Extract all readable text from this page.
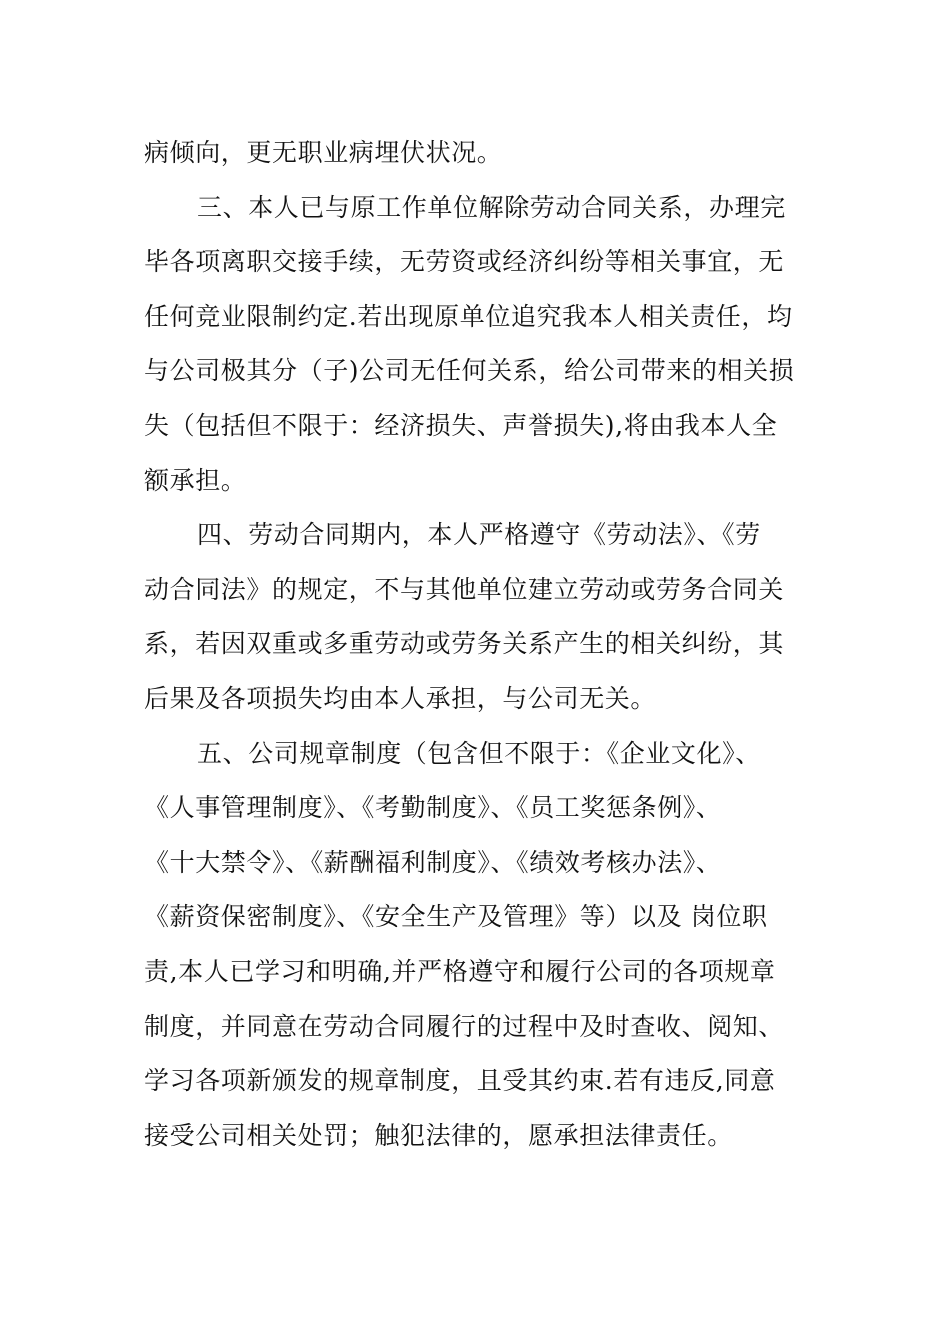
病倾向，更无职业病埋伏状况。
三、本人已与原工作单位解除劳动合同关系，办理完
毕各项离职交接手续，无劳资或经济纠纷等相关事宜，无
任何竞业限制约定.若出现原单位追究我本人相关责任，均
与公司极其分（子)公司无任何关系，给公司带来的相关损
失（包括但不限于：经济损失、声誉损失),将由我本人全
额承担。
四、劳动合同期内，本人严格遵守《劳动法》、《劳
动合同法》的规定，不与其他单位建立劳动或劳务合同关
系，若因双重或多重劳动或劳务关系产生的相关纠纷，其
后果及各项损失均由本人承担，与公司无关。
五、公司规章制度（包含但不限于：《企业文化》、
《人事管理制度》、《考勤制度》、《员工奖惩条例》、
《十大禁令》、《薪酬福利制度》、《绩效考核办法》、
《薪资保密制度》、《安全生产及管理》等）以及 岗位职
责,本人已学习和明确,并严格遵守和履行公司的各项规章
制度，并同意在劳动合同履行的过程中及时查收、阅知、
学习各项新颁发的规章制度，且受其约束.若有违反,同意
接受公司相关处罚；触犯法律的，愿承担法律责任。
